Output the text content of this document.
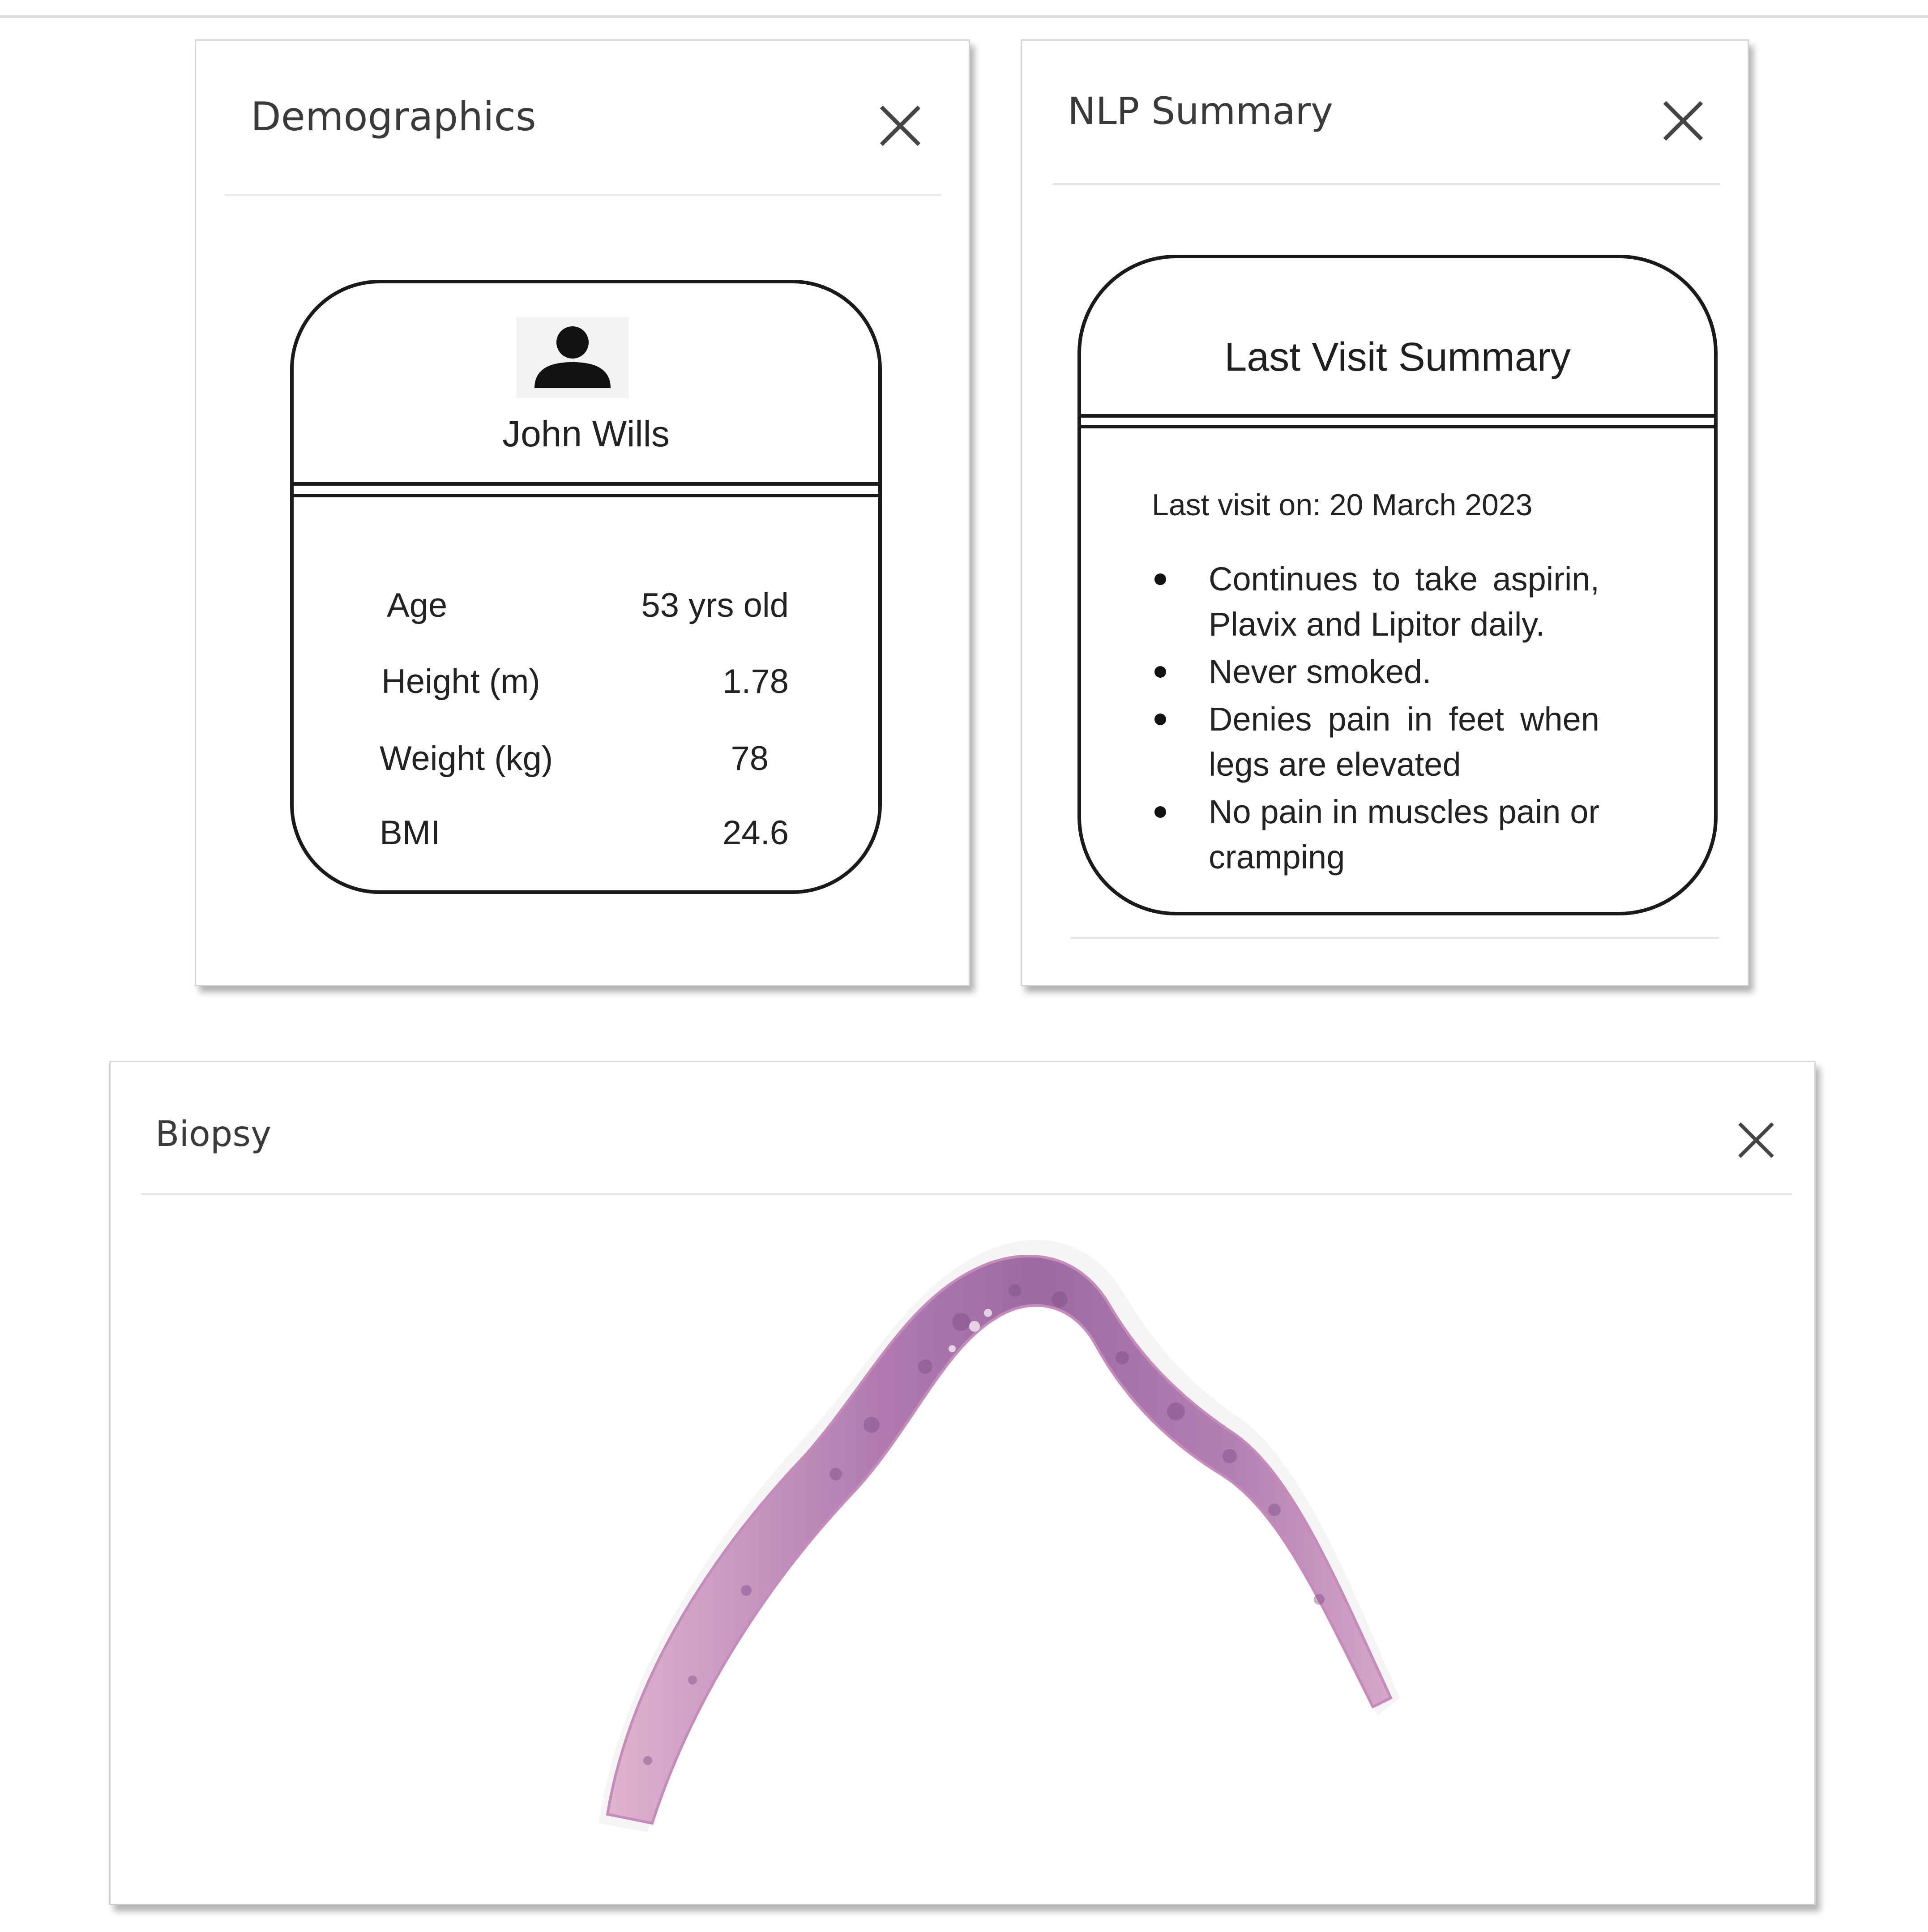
Demographics
John Wills
Age	53 yrs old
Height (m)	1.78
Weight (kg)	78
BMI	24.6
NLP Summary
Last Visit Summary
Last visit on: 20 March 2023
Continues to take aspirin, Plavix and Lipitor daily.
Never smoked.
Denies pain in feet when legs are elevated
No pain in muscles pain or cramping
Biopsy
